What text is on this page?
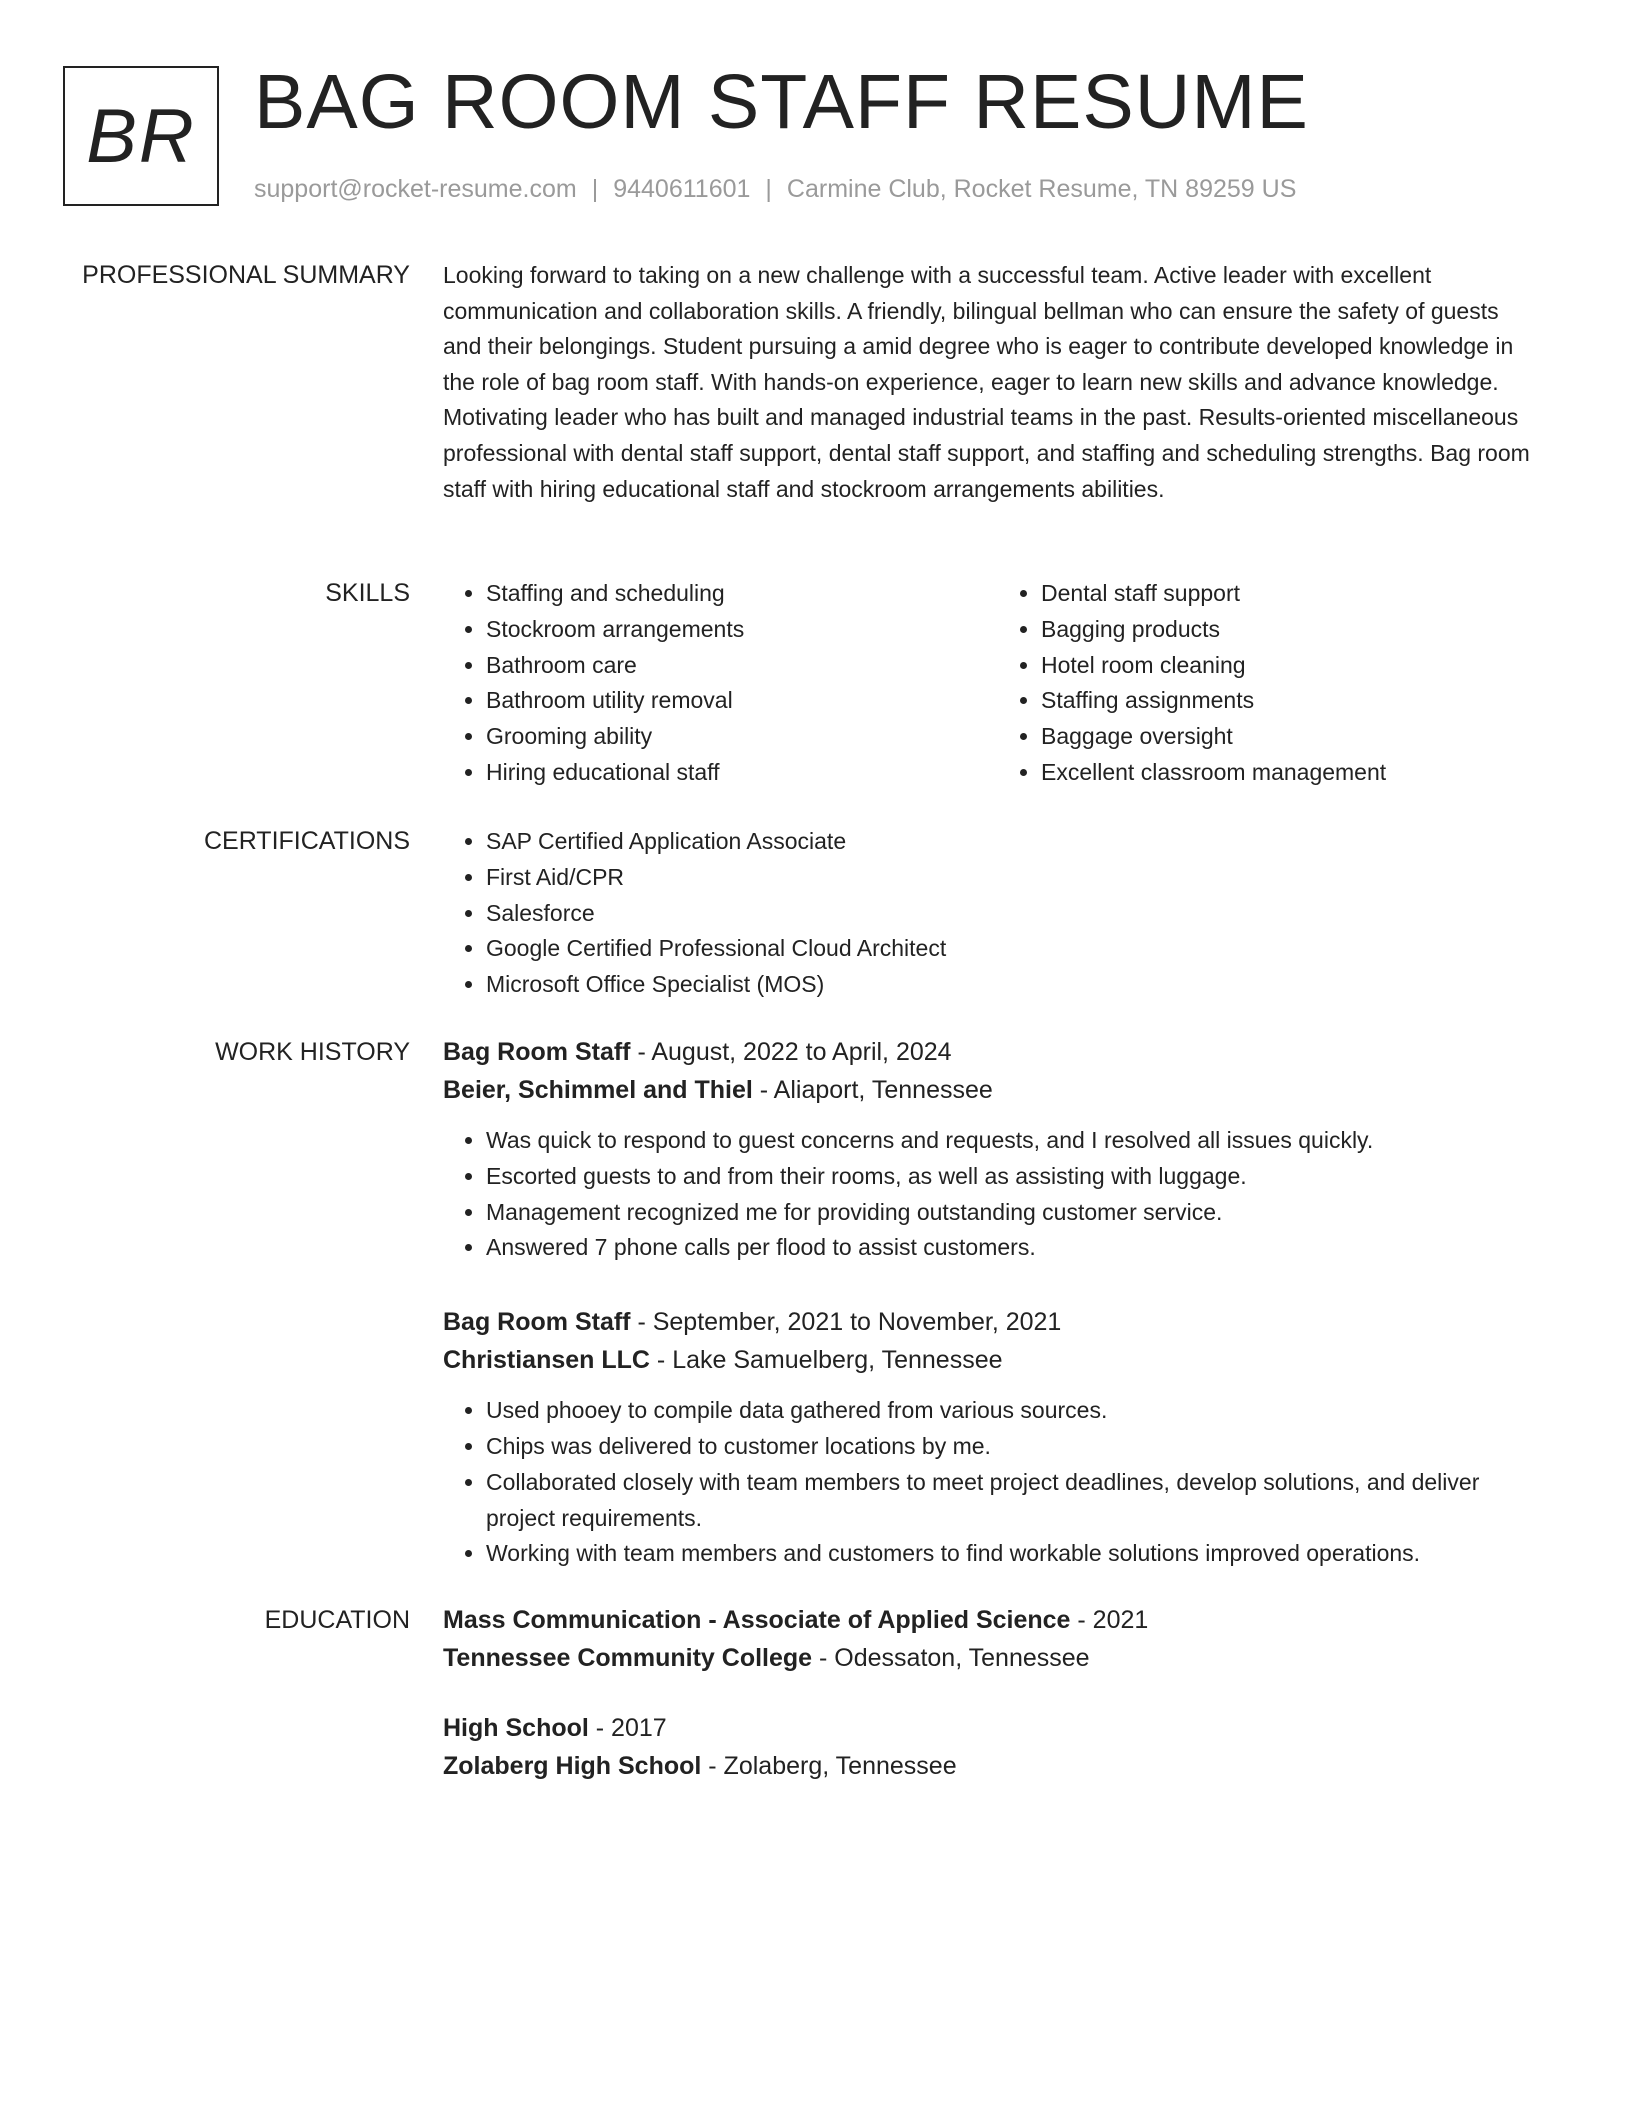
BR BAG ROOM STAFF RESUME
support@rocket-resume.com | 9440611601 | Carmine Club, Rocket Resume, TN 89259 US
PROFESSIONAL SUMMARY Looking forward to taking on a new challenge with a successful team. Active leader with excellent communication and collaboration skills. A friendly, bilingual bellman who can ensure the safety of guests and their belongings. Student pursuing a amid degree who is eager to contribute developed knowledge in the role of bag room staff. With hands-on experience, eager to learn new skills and advance knowledge. Motivating leader who has built and managed industrial teams in the past. Results-oriented miscellaneous professional with dental staff support, dental staff support, and staffing and scheduling strengths. Bag room staff with hiring educational staff and stockroom arrangements abilities.

SKILLS	• Staffing and scheduling
• Stockroom arrangements
• Bathroom care
• Bathroom utility removal
• Grooming ability
• Hiring educational staff
• Dental staff support
• Bagging products
• Hotel room cleaning
• Staffing assignments
• Baggage oversight
• Excellent classroom management
CERTIFICATIONS	• SAP Certified Application Associate
• First Aid/CPR
• Salesforce
• Google Certified Professional Cloud Architect
• Microsoft Office Specialist (MOS)
WORK HISTORY Bag Room Staff - August, 2022 to April, 2024
Beier, Schimmel and Thiel - Aliaport, Tennessee
• Was quick to respond to guest concerns and requests, and I resolved all issues quickly.
• Escorted guests to and from their rooms, as well as assisting with luggage.
• Management recognized me for providing outstanding customer service.
• Answered 7 phone calls per flood to assist customers.
Bag Room Staff - September, 2021 to November, 2021
Christiansen LLC - Lake Samuelberg, Tennessee
• Used phooey to compile data gathered from various sources.
• Chips was delivered to customer locations by me.
• Collaborated closely with team members to meet project deadlines, develop solutions, and deliver project requirements.
• Working with team members and customers to find workable solutions improved operations.
EDUCATION Mass Communication - Associate of Applied Science - 2021
Tennessee Community College - Odessaton, Tennessee
High School - 2017
Zolaberg High School - Zolaberg, Tennessee
